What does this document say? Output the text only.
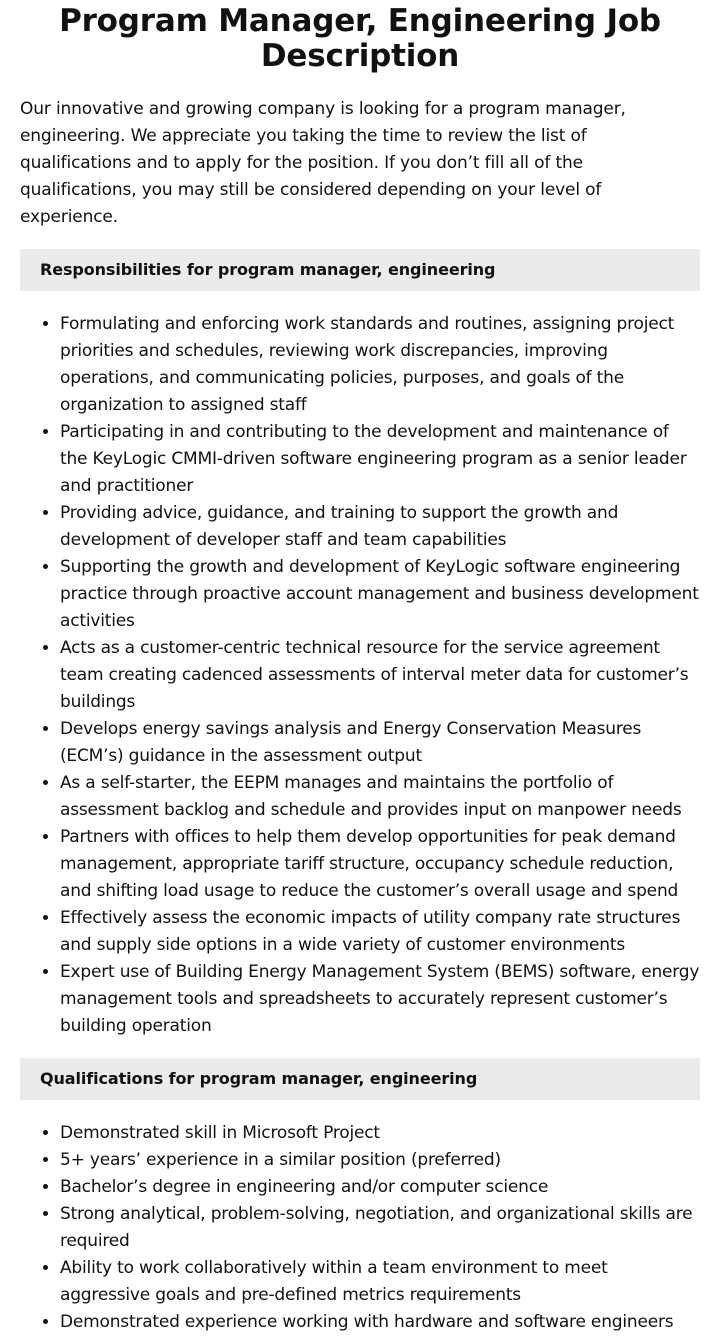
Program Manager, Engineering Job Description

Our innovative and growing company is looking for a program manager, engineering. We appreciate you taking the time to review the list of qualifications and to apply for the position. If you don’t fill all of the qualifications, you may still be considered depending on your level of experience.

Responsibilities for program manager, engineering
• Formulating and enforcing work standards and routines, assigning project priorities and schedules, reviewing work discrepancies, improving operations, and communicating policies, purposes, and goals of the organization to assigned staff
• Participating in and contributing to the development and maintenance of the KeyLogic CMMI-driven software engineering program as a senior leader and practitioner
• Providing advice, guidance, and training to support the growth and development of developer staff and team capabilities
• Supporting the growth and development of KeyLogic software engineering practice through proactive account management and business development activities
• Acts as a customer-centric technical resource for the service agreement team creating cadenced assessments of interval meter data for customer’s buildings
• Develops energy savings analysis and Energy Conservation Measures (ECM’s) guidance in the assessment output
• As a self-starter, the EEPM manages and maintains the portfolio of assessment backlog and schedule and provides input on manpower needs
• Partners with offices to help them develop opportunities for peak demand management, appropriate tariff structure, occupancy schedule reduction, and shifting load usage to reduce the customer’s overall usage and spend
• Effectively assess the economic impacts of utility company rate structures and supply side options in a wide variety of customer environments
• Expert use of Building Energy Management System (BEMS) software, energy management tools and spreadsheets to accurately represent customer’s building operation
Qualifications for program manager, engineering
• Demonstrated skill in Microsoft Project
• 5+ years’ experience in a similar position (preferred)
• Bachelor’s degree in engineering and/or computer science
• Strong analytical, problem-solving, negotiation, and organizational skills are required
• Ability to work collaboratively within a team environment to meet aggressive goals and pre-defined metrics requirements
• Demonstrated experience working with hardware and software engineers
